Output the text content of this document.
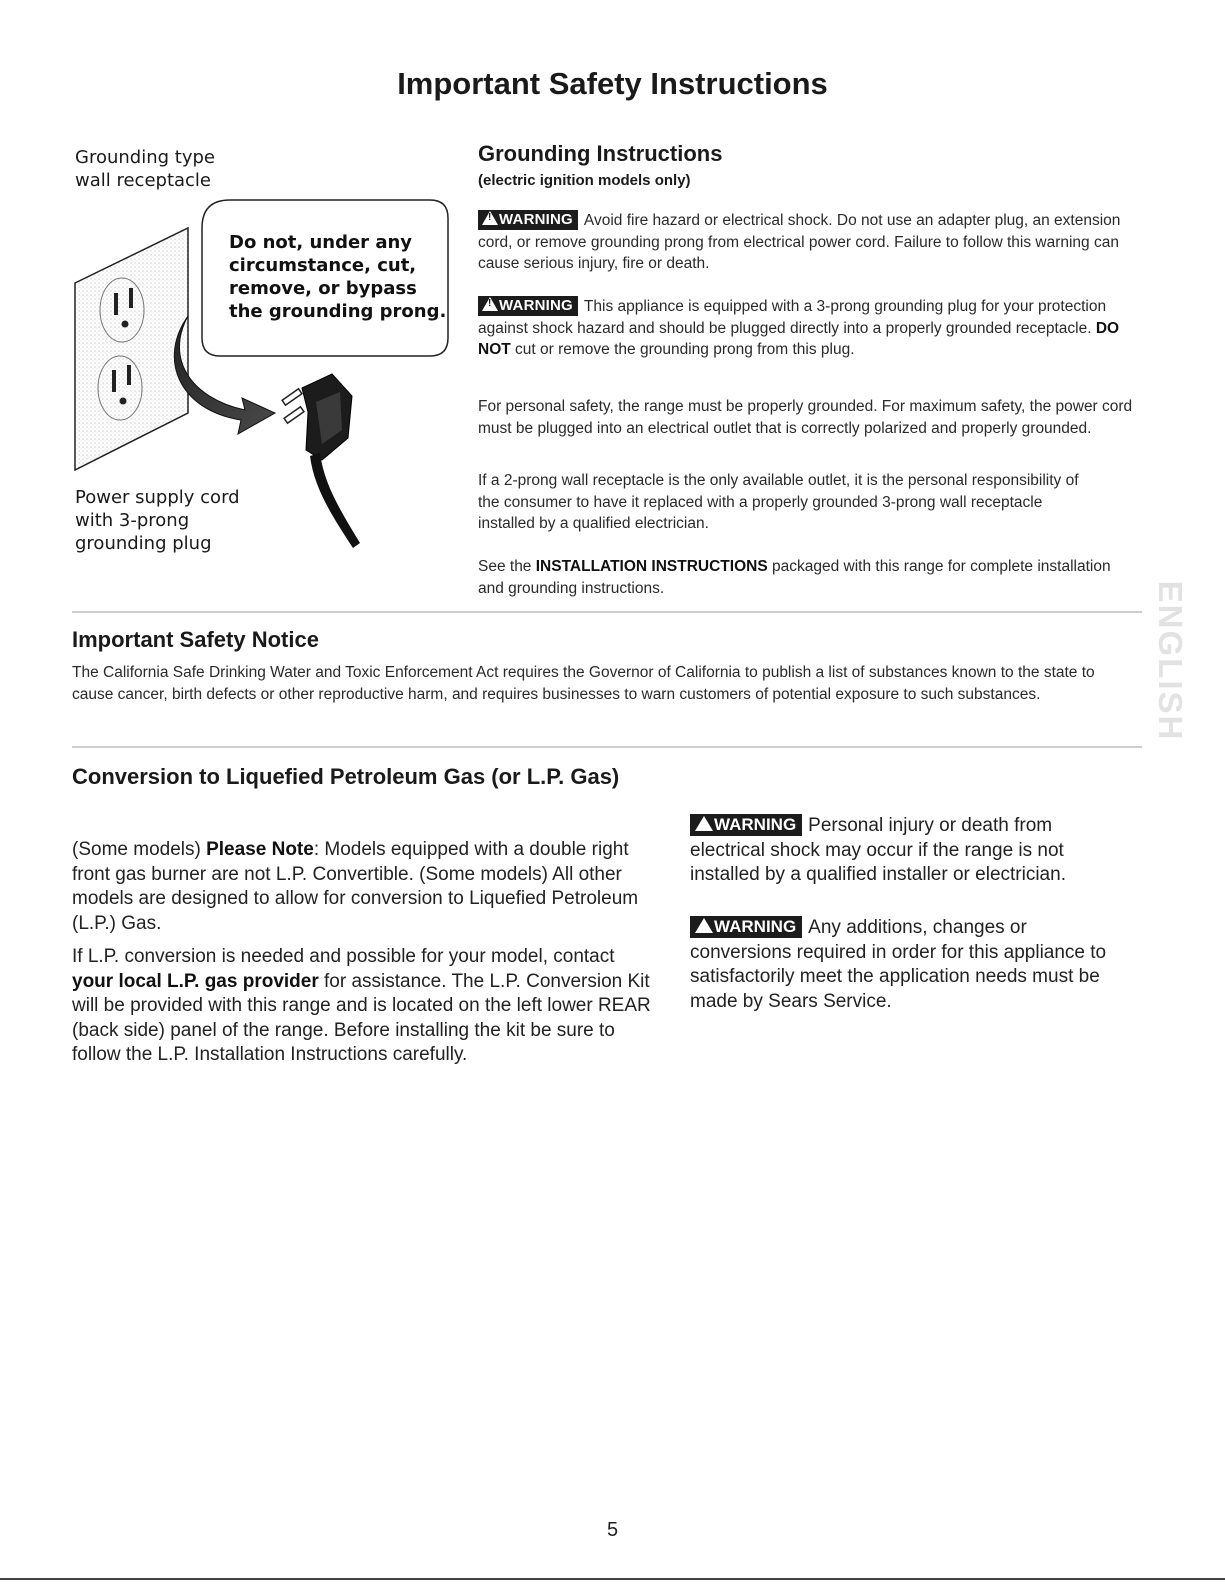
Important Safety Instructions
Grounding type
wall receptacle
Do not, under any
circumstance, cut,
remove, or bypass
the grounding prong.
Power supply cord
with 3-prong
grounding plug
Grounding Instructions
(electric ignition models only)
!WARNING Avoid fire hazard or electrical shock. Do not use an adapter plug, an extension cord, or remove grounding prong from electrical power cord. Failure to follow this warning can cause serious injury, fire or death.
!WARNING This appliance is equipped with a 3-prong grounding plug for your protection against shock hazard and should be plugged directly into a properly grounded receptacle. DO NOT cut or remove the grounding prong from this plug.
For personal safety, the range must be properly grounded. For maximum safety, the power cord must be plugged into an electrical outlet that is correctly polarized and properly grounded.
If a 2-prong wall receptacle is the only available outlet, it is the personal responsibility of the consumer to have it replaced with a properly grounded 3-prong wall receptacle installed by a qualified electrician.
See the INSTALLATION INSTRUCTIONS packaged with this range for complete installation and grounding instructions.
Important Safety Notice
The California Safe Drinking Water and Toxic Enforcement Act requires the Governor of California to publish a list of substances known to the state to cause cancer, birth defects or other reproductive harm, and requires businesses to warn customers of potential exposure to such substances.
Conversion to Liquefied Petroleum Gas (or L.P. Gas)
(Some models) Please Note: Models equipped with a double right front gas burner are not L.P. Convertible. (Some models) All other models are designed to allow for conversion to Liquefied Petroleum (L.P.) Gas.
If L.P. conversion is needed and possible for your model, contact your local L.P. gas provider for assistance. The L.P. Conversion Kit will be provided with this range and is located on the left lower REAR (back side) panel of the range. Before installing the kit be sure to follow the L.P. Installation Instructions carefully.
WARNING Personal injury or death from electrical shock may occur if the range is not installed by a qualified installer or electrician.
WARNING Any additions, changes or conversions required in order for this appliance to satisfactorily meet the application needs must be made by Sears Service.
ENGLISH
5
